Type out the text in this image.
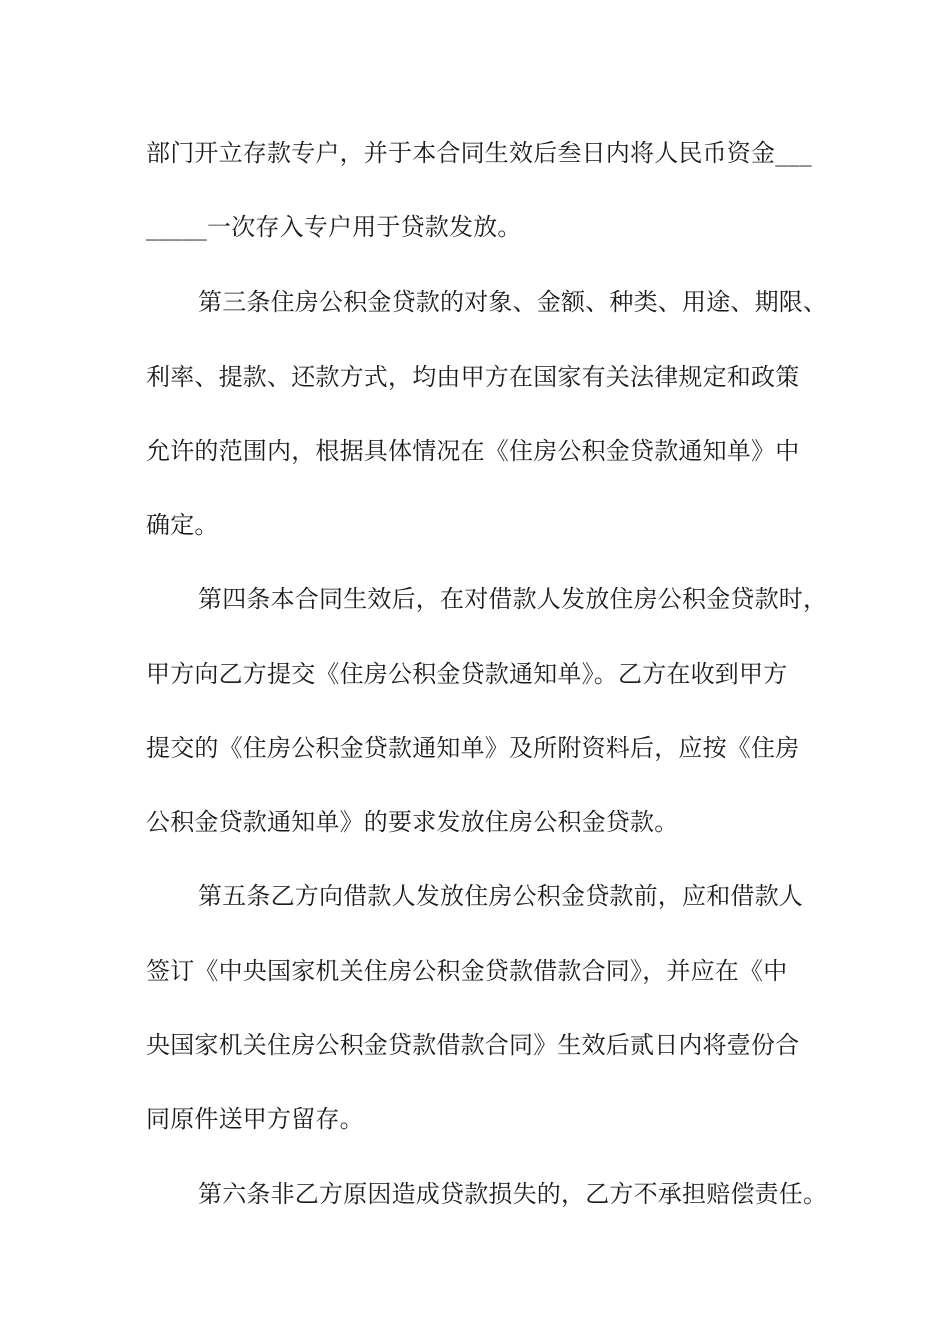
部门开立存款专户，并于本合同生效后叁日内将人民币资金___
_____一次存入专户用于贷款发放。
第三条住房公积金贷款的对象、金额、种类、用途、期限、
利率、提款、还款方式，均由甲方在国家有关法律规定和政策
允许的范围内，根据具体情况在《住房公积金贷款通知单》中
确定。
第四条本合同生效后，在对借款人发放住房公积金贷款时，
甲方向乙方提交《住房公积金贷款通知单》。乙方在收到甲方
提交的《住房公积金贷款通知单》及所附资料后，应按《住房
公积金贷款通知单》的要求发放住房公积金贷款。
第五条乙方向借款人发放住房公积金贷款前，应和借款人
签订《中央国家机关住房公积金贷款借款合同》，并应在《中
央国家机关住房公积金贷款借款合同》生效后贰日内将壹份合
同原件送甲方留存。
第六条非乙方原因造成贷款损失的，乙方不承担赔偿责任。
